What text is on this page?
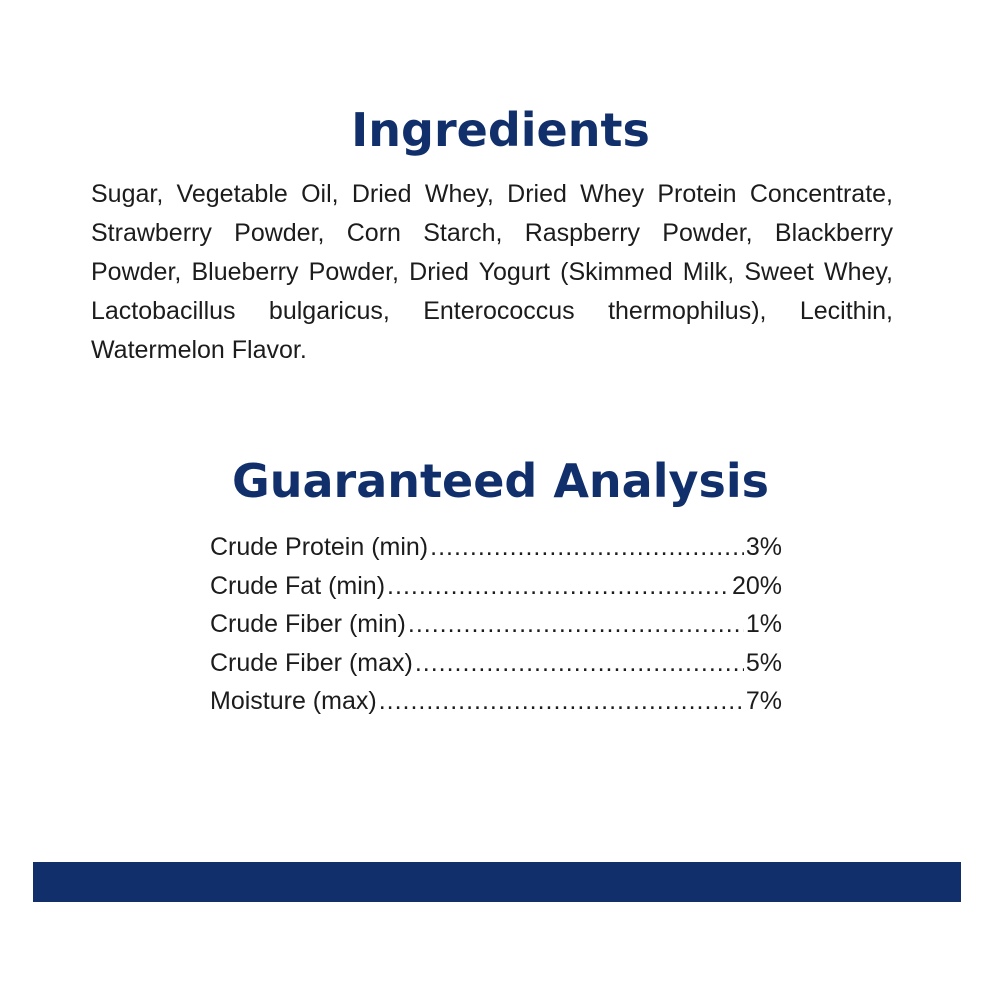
Ingredients

Sugar, Vegetable Oil, Dried Whey, Dried Whey Protein Concentrate, Strawberry Powder, Corn Starch, Raspberry Powder, Blackberry Powder, Blueberry Powder, Dried Yogurt (Skimmed Milk, Sweet Whey, Lactobacillus bulgaricus, Enterococcus thermophilus), Lecithin, Watermelon Flavor.

Guaranteed Analysis
Crude Protein (min) .....	3%
Crude Fat (min) .....	20%
Crude Fiber (min) .....	1%
Crude Fiber (max) .....	5%
Moisture (max) .....	7%
